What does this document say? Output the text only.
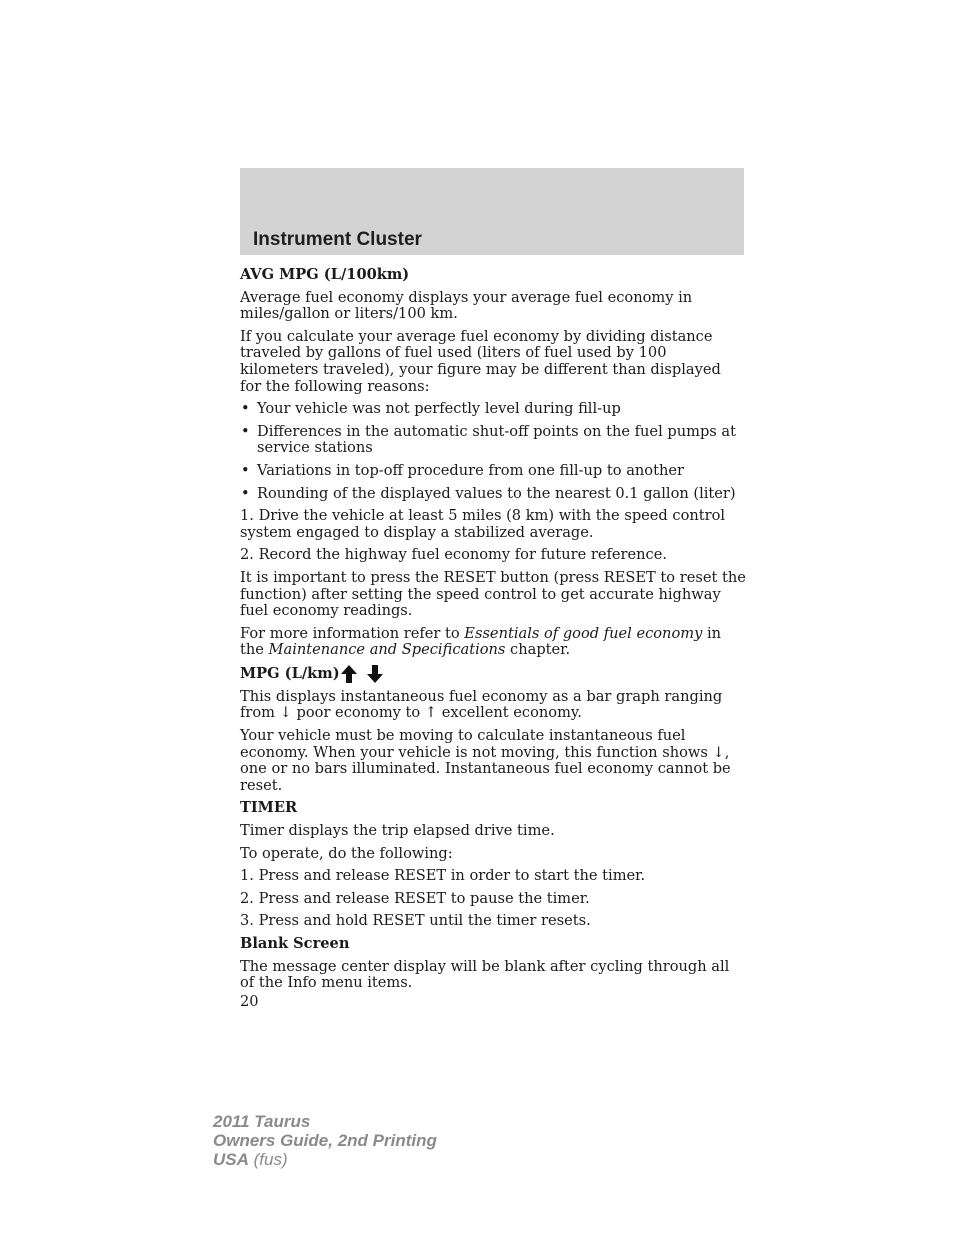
Instrument Cluster
AVG MPG (L/100km)

Average fuel economy displays your average fuel economy in miles/gallon or liters/100 km.

If you calculate your average fuel economy by dividing distance traveled by gallons of fuel used (liters of fuel used by 100 kilometers traveled), your figure may be different than displayed for the following reasons:

• Your vehicle was not perfectly level during fill-up
• Differences in the automatic shut-off points on the fuel pumps at service stations
• Variations in top-off procedure from one fill-up to another
• Rounding of the displayed values to the nearest 0.1 gallon (liter)

1. Drive the vehicle at least 5 miles (8 km) with the speed control system engaged to display a stabilized average.

2. Record the highway fuel economy for future reference.

It is important to press the RESET button (press RESET to reset the function) after setting the speed control to get accurate highway fuel economy readings.

For more information refer to Essentials of good fuel economy in the Maintenance and Specifications chapter.

MPG (L/km)

This displays instantaneous fuel economy as a bar graph ranging from ↓ poor economy to ↑ excellent economy.

Your vehicle must be moving to calculate instantaneous fuel economy. When your vehicle is not moving, this function shows ↓, one or no bars illuminated. Instantaneous fuel economy cannot be reset.

TIMER

Timer displays the trip elapsed drive time.

To operate, do the following:

1. Press and release RESET in order to start the timer.

2. Press and release RESET to pause the timer.

3. Press and hold RESET until the timer resets.

Blank Screen

The message center display will be blank after cycling through all of the Info menu items.

20

2011 Taurus
Owners Guide, 2nd Printing
USA (fus)
